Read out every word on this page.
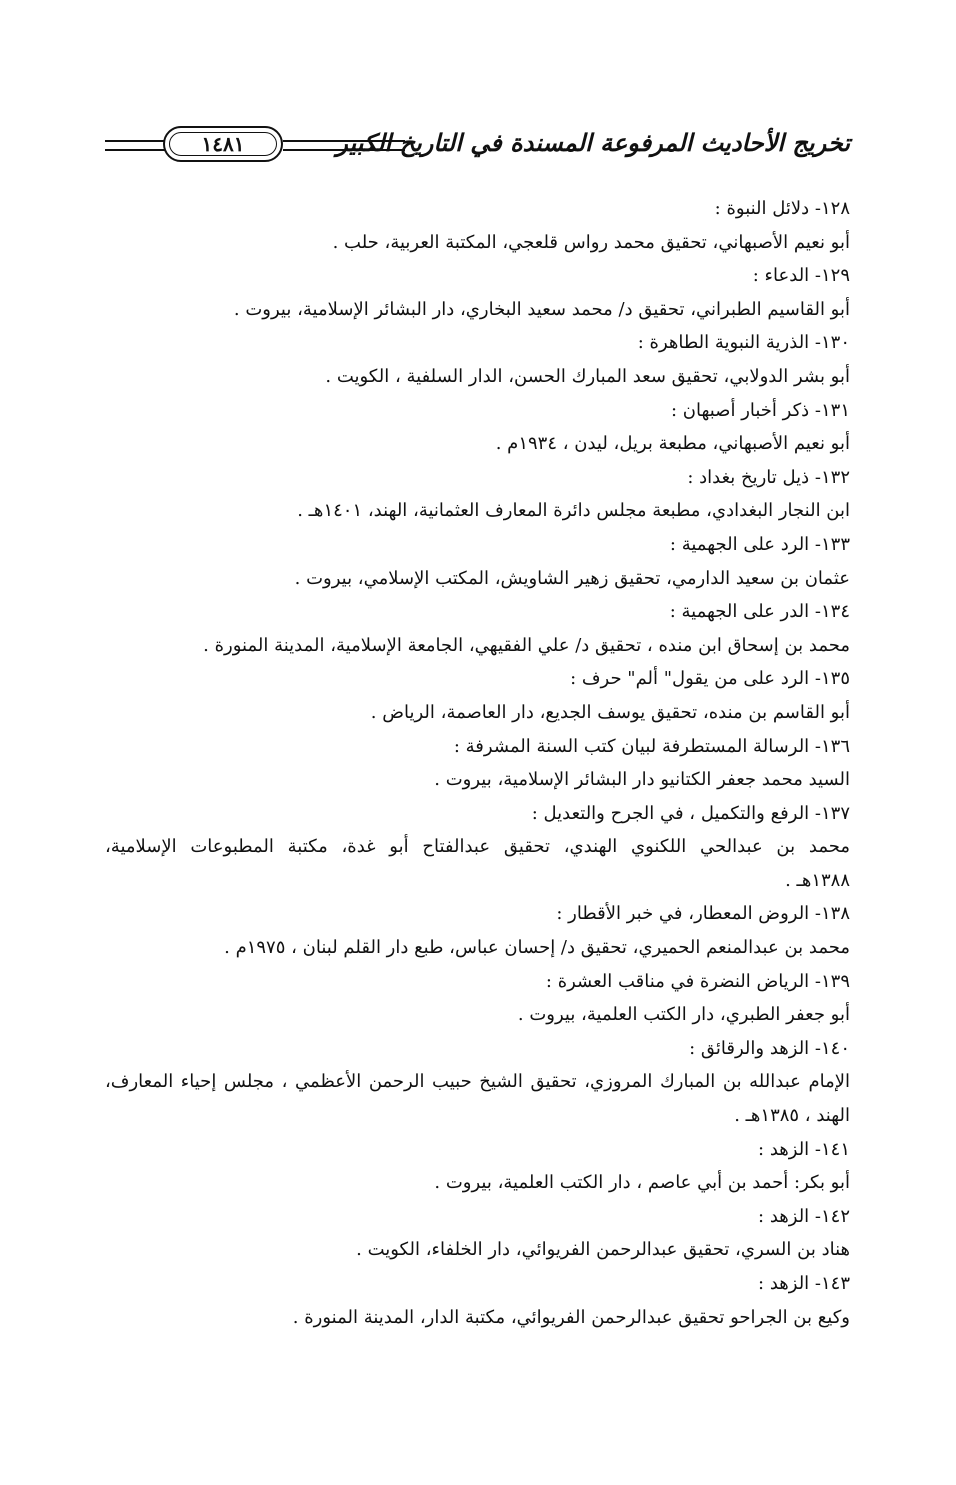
١٤٨١	تخريج الأحاديث المرفوعة المسندة في التاريخ الكبير
١٢٨- دلائل النبوة :
أبو نعيم الأصبهاني، تحقيق محمد رواس قلعجي، المكتبة العربية، حلب .
١٢٩- الدعاء :
أبو القاسيم الطبراني، تحقيق د/ محمد سعيد البخاري، دار البشائر الإسلامية، بيروت .
١٣٠- الذرية النبوية الطاهرة :
أبو بشر الدولابي، تحقيق سعد المبارك الحسن، الدار السلفية ، الكويت .
١٣١- ذكر أخبار أصبهان :
أبو نعيم الأصبهاني، مطبعة بريل، ليدن ، ١٩٣٤م .
١٣٢- ذيل تاريخ بغداد :
ابن النجار البغدادي، مطبعة مجلس دائرة المعارف العثمانية، الهند، ١٤٠١هـ .
١٣٣- الرد على الجهمية :
عثمان بن سعيد الدارمي، تحقيق زهير الشاويش، المكتب الإسلامي، بيروت .
١٣٤- الدر على الجهمية :
محمد بن إسحاق ابن منده ، تحقيق د/ علي الفقيهي، الجامعة الإسلامية، المدينة المنورة .
١٣٥- الرد على من يقول" ألم" حرف :
أبو القاسم بن منده، تحقيق يوسف الجديع، دار العاصمة، الرياض .
١٣٦- الرسالة المستطرفة لبيان كتب السنة المشرفة :
السيد محمد جعفر الكتانيو دار البشائر الإسلامية، بيروت .
١٣٧- الرفع والتكميل ، في الجرح والتعديل :
محمد بن عبدالحي اللكنوي الهندي، تحقيق عبدالفتاح أبو غدة، مكتبة المطبوعات الإسلامية،
١٣٨٨هـ .
١٣٨- الروض المعطار، في خبر الأقطار :
محمد بن عبدالمنعم الحميري، تحقيق د/ إحسان عباس، طبع دار القلم لبنان ، ١٩٧٥م .
١٣٩- الرياض النضرة في مناقب العشرة :
أبو جعفر الطبري، دار الكتب العلمية، بيروت .
١٤٠- الزهد والرقائق :
الإمام عبدالله بن المبارك المروزي، تحقيق الشيخ حبيب الرحمن الأعظمي ، مجلس إحياء المعارف،
الهند ، ١٣٨٥هـ .
١٤١- الزهد :
أبو بكر: أحمد بن أبي عاصم ، دار الكتب العلمية، بيروت .
١٤٢- الزهد :
هناد بن السري، تحقيق عبدالرحمن الفريوائي، دار الخلفاء، الكويت .
١٤٣- الزهد :
وكيع بن الجراحو تحقيق عبدالرحمن الفريوائي، مكتبة الدار، المدينة المنورة .
